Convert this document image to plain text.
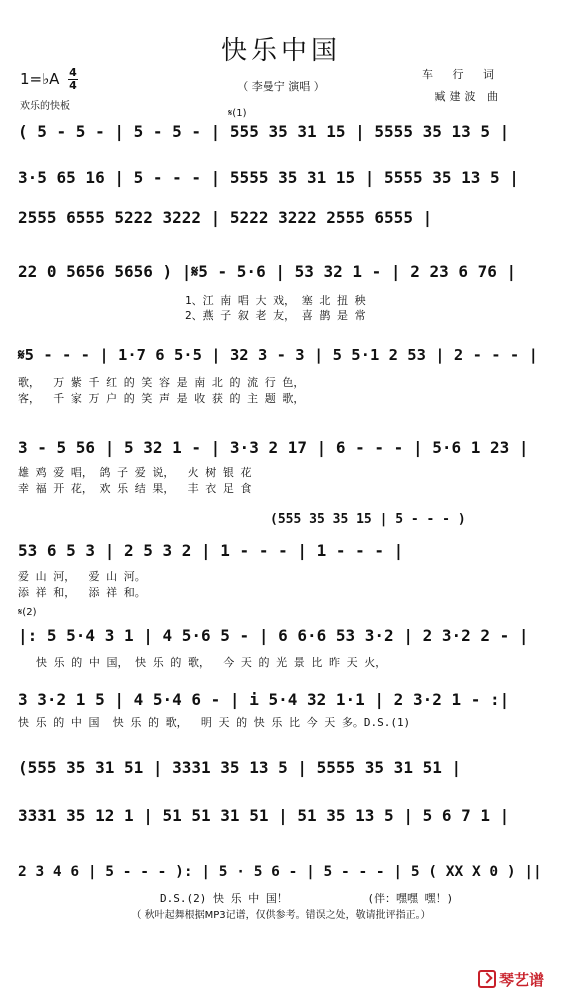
快乐中国
（ 李曼宁 演唱 ）
1=♭A 4
4
欢乐的快板
车 行 词
臧建波 曲
𝄋(1)
( 5 - 5 - | 5 - 5 - | 555 35 31 15 | 5555 35 13 5 |
3·5 65 16 | 5 - - - | 5555 35 31 15 | 5555 35 13 5 |
2555 6555 5222 3222 | 5222 3222 2555 6555 |
22 0 5656 5656 ) |𝄋5 - 5·6 | 53 32 1 - | 2 23 6 76 |
1、江 南 唱 大 戏， 塞 北 扭 秧
2、燕 子 叙 老 友， 喜 鹊 是 常
𝄋5 - - - | 1·7 6 5·5 | 32 3 - 3 | 5 5·1 2 53 | 2 - - - |
歌，  万 紫 千 红 的 笑 容 是 南 北 的 流 行 色，
客，  千 家 万 户 的 笑 声 是 收 获 的 主 题 歌，
3 - 5 56 | 5 32 1 - | 3·3 2 17 | 6 - - - | 5·6 1 23 |
雄 鸡 爱 唱， 鸽 子 爱 说，  火 树 银 花
幸 福 开 花， 欢 乐 结 果，  丰 衣 足 食
(555 35 35 15 | 5 - - - )
53 6 5 3 | 2 5 3 2 | 1 - - - | 1 - - - |
爱 山 河，  爱 山 河。
添 祥 和，  添 祥 和。
𝄋(2)
|: 5 5·4 3 1 | 4 5·6 5 - | 6 6·6 53 3·2 | 2 3·2 2 - |
快 乐 的 中 国， 快 乐 的 歌，  今 天 的 光 景 比 昨 天 火，
3 3·2 1 5 | 4 5·4 6 - | i 5·4 32 1·1 | 2 3·2 1 - :|
快 乐 的 中 国  快 乐 的 歌，  明 天 的 快 乐 比 今 天 多。D.S.(1)
(555 35 31 51 | 3331 35 13 5 | 5555 35 31 51 |
3331 35 12 1 | 51 51 31 51 | 51 35 13 5 | 5 6 7 1 |
2 3 4 6 | 5 - - - ): | 5 · 5 6 - | 5 - - - | 5 ( XX X 0 ) ||
D.S.(2) 快 乐 中 国！            (伴：嘿嘿 嘿！)
（ 秋叶起舞根据MP3记谱，仅供参考。错误之处，敬请批评指正。）
琴艺谱
